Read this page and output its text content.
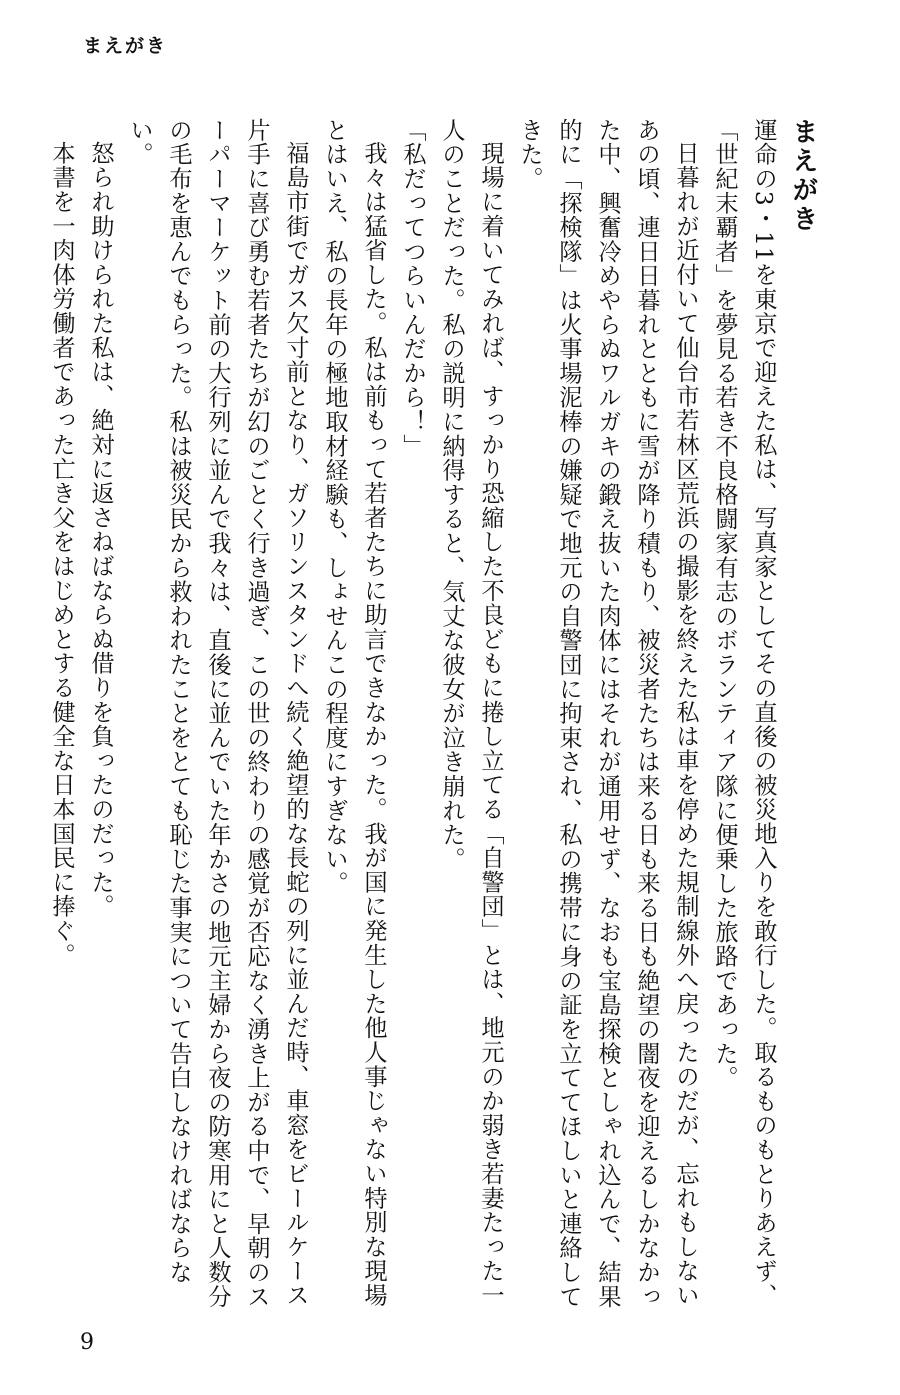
まえがき
まえがき

運命の3・11を東京で迎えた私は、写真家としてその直後の被災地入りを敢行した。取るものもとりあえず、「世紀末覇者」を夢見る若き不良格闘家有志のボランティア隊に便乗した旅路であった。

日暮れが近付いて仙台市若林区荒浜の撮影を終えた私は車を停めた規制線外へ戻ったのだが、忘れもしないあの頃、連日日暮れとともに雪が降り積もり、被災者たちは来る日も来る日も絶望の闇夜を迎えるしかなかった中、興奮冷めやらぬワルガキの鍛え抜いた肉体にはそれが通用せず、なおも宝島探検としゃれ込んで、結果的に「探検隊」は火事場泥棒の嫌疑で地元の自警団に拘束され、私の携帯に身の証を立ててほしいと連絡してきた。

現場に着いてみれば、すっかり恐縮した不良どもに捲し立てる「自警団」とは、地元のか弱き若妻たった一人のことだった。私の説明に納得すると、気丈な彼女が泣き崩れた。

「私だってつらいんだから！」

我々は猛省した。私は前もって若者たちに助言できなかった。我が国に発生した他人事じゃない特別な現場とはいえ、私の長年の極地取材経験も、しょせんこの程度にすぎない。

福島市街でガス欠寸前となり、ガソリンスタンドへ続く絶望的な長蛇の列に並んだ時、車窓をビールケース片手に喜び勇む若者たちが幻のごとく行き過ぎ、この世の終わりの感覚が否応なく湧き上がる中で、早朝のスーパーマーケット前の大行列に並んで我々は、直後に並んでいた年かさの地元主婦から夜の防寒用にと人数分の毛布を恵んでもらった。私は被災民から救われたことをとても恥じた事実について告白しなければならない。

怒られ助けられた私は、絶対に返さねばならぬ借りを負ったのだった。

本書を一肉体労働者であった亡き父をはじめとする健全な日本国民に捧ぐ。

9
